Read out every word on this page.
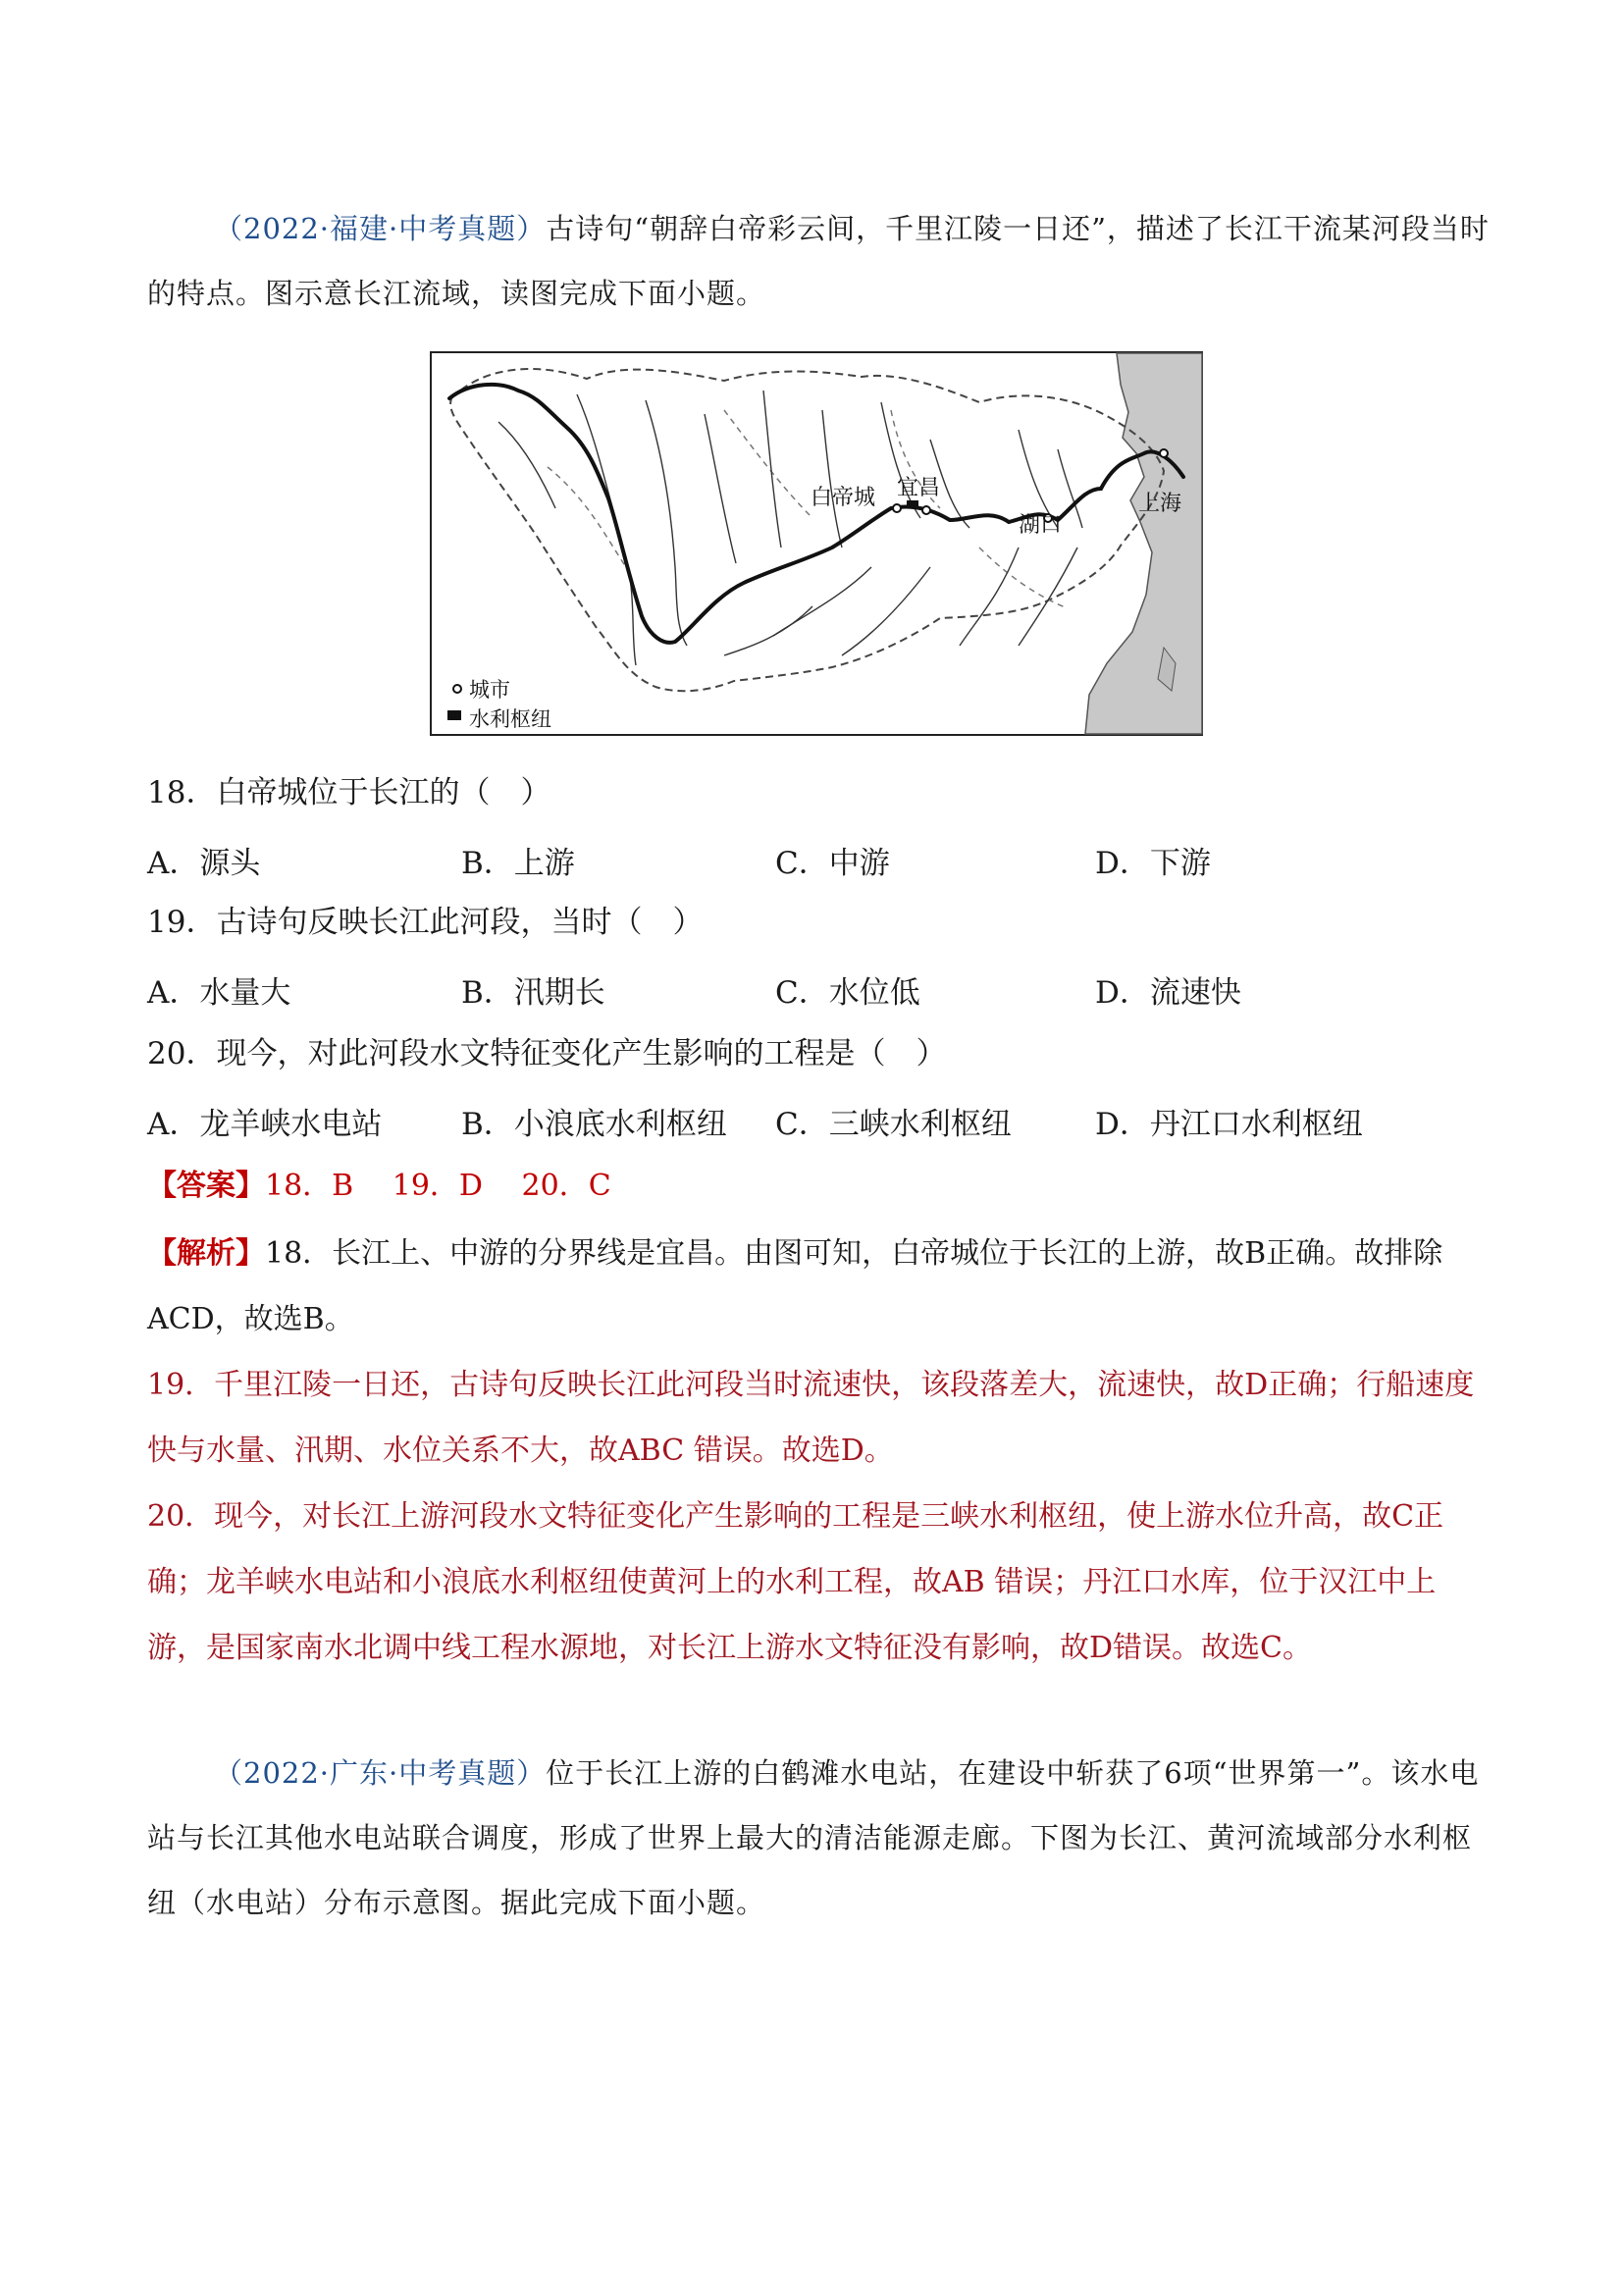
（2022·福建·中考真题）古诗句“朝辞白帝彩云间，千里江陵一日还”，描述了长江干流某河段当时的特点。图示意长江流域，读图完成下面小题。
白帝城 宜昌
湖口
上海
城市
水利枢纽
18．白帝城位于长江的（　）
A．源头	B．上游	C．中游	D．下游
19．古诗句反映长江此河段，当时（　）
A．水量大	B．汛期长	C．水位低	D．流速快
20．现今，对此河段水文特征变化产生影响的工程是（　）
A．龙羊峡水电站	B．小浪底水利枢纽 C．三峡水利枢纽	D．丹江口水利枢纽
【答案】18．B　 19．D　 20．C
【解析】18．长江上、中游的分界线是宜昌。由图可知，白帝城位于长江的上游，故B正确。故排除ACD，故选B。
19．千里江陵一日还，古诗句反映长江此河段当时流速快，该段落差大，流速快，故D正确；行船速度快与水量、汛期、水位关系不大，故ABC 错误。故选D。
20．现今，对长江上游河段水文特征变化产生影响的工程是三峡水利枢纽，使上游水位升高，故C正确；龙羊峡水电站和小浪底水利枢纽使黄河上的水利工程，故AB 错误；丹江口水库，位于汉江中上游，是国家南水北调中线工程水源地，对长江上游水文特征没有影响，故D错误。故选C。
（2022·广东·中考真题）位于长江上游的白鹤滩水电站，在建设中斩获了6项“世界第一”。该水电站与长江其他水电站联合调度，形成了世界上最大的清洁能源走廊。下图为长江、黄河流域部分水利枢纽（水电站）分布示意图。据此完成下面小题。
